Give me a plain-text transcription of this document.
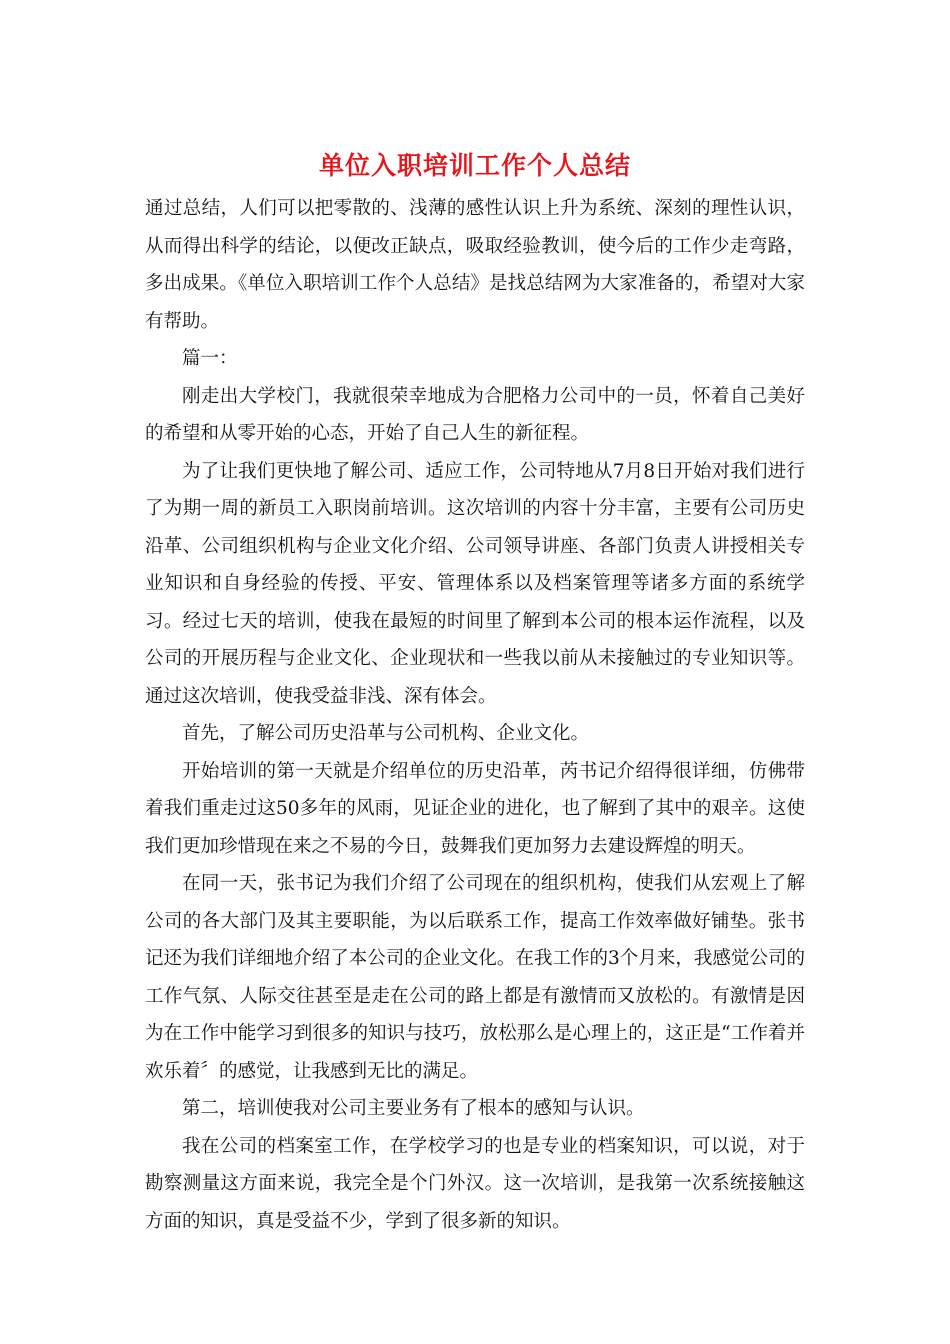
单位入职培训工作个人总结

通过总结，人们可以把零散的、浅薄的感性认识上升为系统、深刻的理性认识，从而得出科学的结论，以便改正缺点，吸取经验教训，使今后的工作少走弯路，多出成果。《单位入职培训工作个人总结》是找总结网为大家准备的，希望对大家有帮助。

篇一：

刚走出大学校门，我就很荣幸地成为合肥格力公司中的一员，怀着自己美好的希望和从零开始的心态，开始了自己人生的新征程。

为了让我们更快地了解公司、适应工作，公司特地从7月8日开始对我们进行了为期一周的新员工入职岗前培训。这次培训的内容十分丰富，主要有公司历史沿革、公司组织机构与企业文化介绍、公司领导讲座、各部门负责人讲授相关专业知识和自身经验的传授、平安、管理体系以及档案管理等诸多方面的系统学习。经过七天的培训，使我在最短的时间里了解到本公司的根本运作流程，以及公司的开展历程与企业文化、企业现状和一些我以前从未接触过的专业知识等。通过这次培训，使我受益非浅、深有体会。

首先，了解公司历史沿革与公司机构、企业文化。

开始培训的第一天就是介绍单位的历史沿革，芮书记介绍得很详细，仿佛带着我们重走过这50多年的风雨，见证企业的进化，也了解到了其中的艰辛。这使我们更加珍惜现在来之不易的今日，鼓舞我们更加努力去建设辉煌的明天。

在同一天，张书记为我们介绍了公司现在的组织机构，使我们从宏观上了解公司的各大部门及其主要职能，为以后联系工作，提高工作效率做好铺垫。张书记还为我们详细地介绍了本公司的企业文化。在我工作的3个月来，我感觉公司的工作气氛、人际交往甚至是走在公司的路上都是有激情而又放松的。有激情是因为在工作中能学习到很多的知识与技巧，放松那么是心理上的，这正是“工作着并欢乐着〞的感觉，让我感到无比的满足。

第二，培训使我对公司主要业务有了根本的感知与认识。

我在公司的档案室工作，在学校学习的也是专业的档案知识，可以说，对于勘察测量这方面来说，我完全是个门外汉。这一次培训，是我第一次系统接触这方面的知识，真是受益不少，学到了很多新的知识。
